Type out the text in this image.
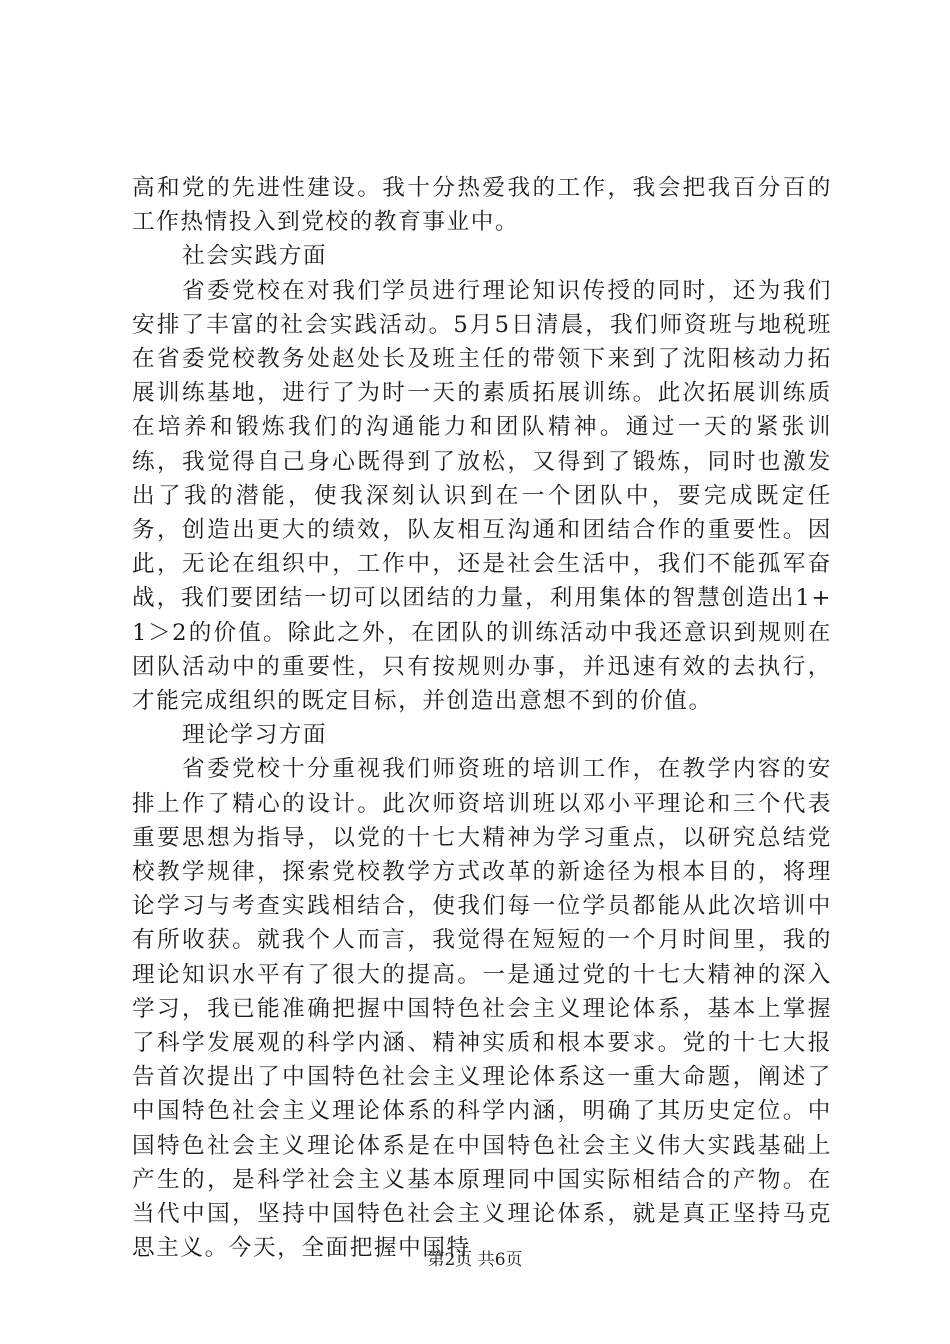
高和党的先进性建设。我十分热爱我的工作，我会把我百分百的工作热情投入到党校的教育事业中。

社会实践方面

省委党校在对我们学员进行理论知识传授的同时，还为我们安排了丰富的社会实践活动。5月5日清晨，我们师资班与地税班在省委党校教务处赵处长及班主任的带领下来到了沈阳核动力拓展训练基地，进行了为时一天的素质拓展训练。此次拓展训练质在培养和锻炼我们的沟通能力和团队精神。通过一天的紧张训练，我觉得自己身心既得到了放松，又得到了锻炼，同时也激发出了我的潜能，使我深刻认识到在一个团队中，要完成既定任务，创造出更大的绩效，队友相互沟通和团结合作的重要性。因此，无论在组织中，工作中，还是社会生活中，我们不能孤军奋战，我们要团结一切可以团结的力量，利用集体的智慧创造出1+1＞2的价值。除此之外，在团队的训练活动中我还意识到规则在团队活动中的重要性，只有按规则办事，并迅速有效的去执行，才能完成组织的既定目标，并创造出意想不到的价值。

理论学习方面

省委党校十分重视我们师资班的培训工作，在教学内容的安排上作了精心的设计。此次师资培训班以邓小平理论和三个代表重要思想为指导，以党的十七大精神为学习重点，以研究总结党校教学规律，探索党校教学方式改革的新途径为根本目的，将理论学习与考查实践相结合，使我们每一位学员都能从此次培训中有所收获。就我个人而言，我觉得在短短的一个月时间里，我的理论知识水平有了很大的提高。一是通过党的十七大精神的深入学习，我已能准确把握中国特色社会主义理论体系，基本上掌握了科学发展观的科学内涵、精神实质和根本要求。党的十七大报告首次提出了中国特色社会主义理论体系这一重大命题，阐述了中国特色社会主义理论体系的科学内涵，明确了其历史定位。中国特色社会主义理论体系是在中国特色社会主义伟大实践基础上产生的，是科学社会主义基本原理同中国实际相结合的产物。在当代中国，坚持中国特色社会主义理论体系，就是真正坚持马克思主义。今天，全面把握中国特

第2页 共6页
